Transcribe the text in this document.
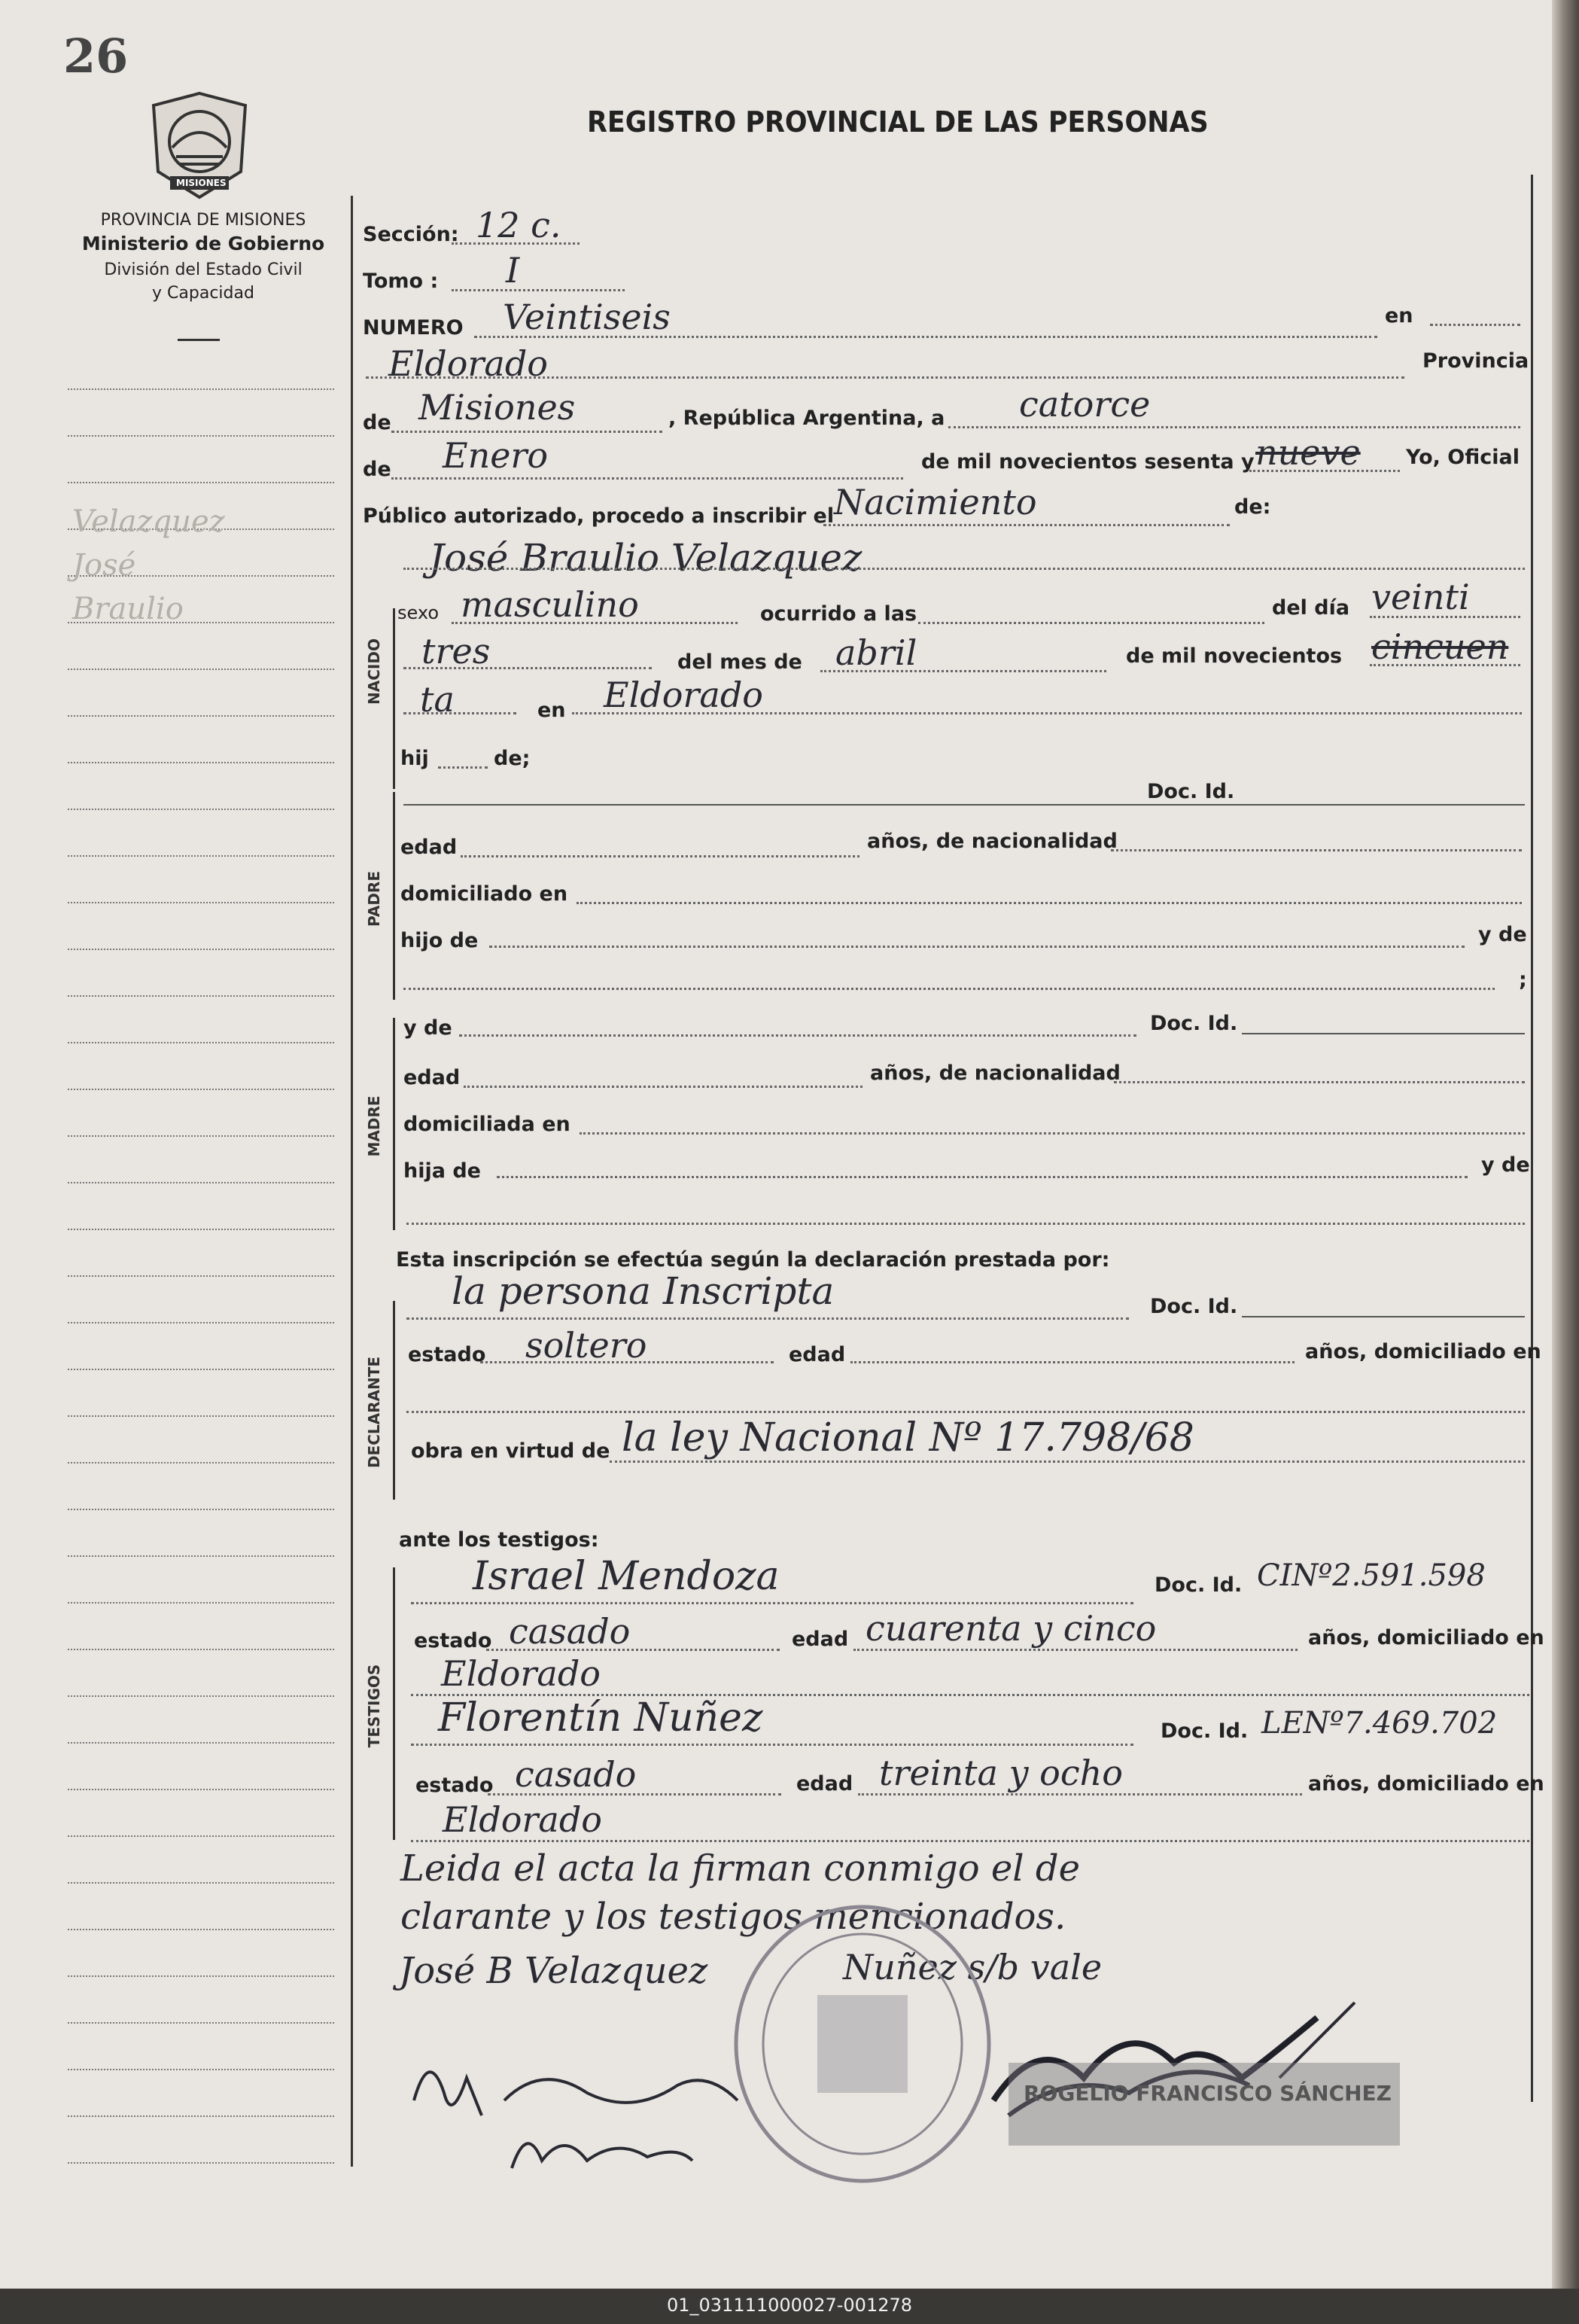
26
MISIONES
PROVINCIA DE MISIONES
Ministerio de Gobierno
División del Estado Civil
y Capacidad
REGISTRO PROVINCIAL DE LAS PERSONAS
Velazquez
José
Braulio
NACIDO
PADRE
MADRE
DECLARANTE
TESTIGOS
Sección: 12 c.
Tomo : I
NUMERO Veintiseis	en
Eldorado	Provincia
de Misiones	, República Argentina, a catorce
de Enero	de mil novecientos sesenta y nueve Yo, Oficial
Público autorizado, procedo a inscribir el Nacimiento	de:
José Braulio Velazquez
sexo masculino	ocurrido a las	del día veinti
tres	del mes de abril	de mil novecientos cincuen
ta	en Eldorado
hij	de;
Doc. Id.
edad	años, de nacionalidad
domiciliado en
hijo de	y de
;
y de	Doc. Id.
edad	años, de nacionalidad
domiciliada en
hija de	y de
Esta inscripción se efectúa según la declaración prestada por:
la persona Inscripta	Doc. Id.
estado soltero	edad	años, domiciliado en
obra en virtud de la ley Nacional Nº 17.798/68
ante los testigos:
Israel Mendoza	Doc. Id. CINº2.591.598
estado casado	edad cuarenta y cinco	años, domiciliado en
Eldorado
Florentín Nuñez	Doc. Id. LENº7.469.702
estado casado	edad treinta y ocho	años, domiciliado en
Eldorado
Leida el acta la firman conmigo el de
clarante y los testigos mencionados.
José B Velazquez	Nuñez s/b vale
ROGELIO FRANCISCO SÁNCHEZ
01_031111000027-001278
